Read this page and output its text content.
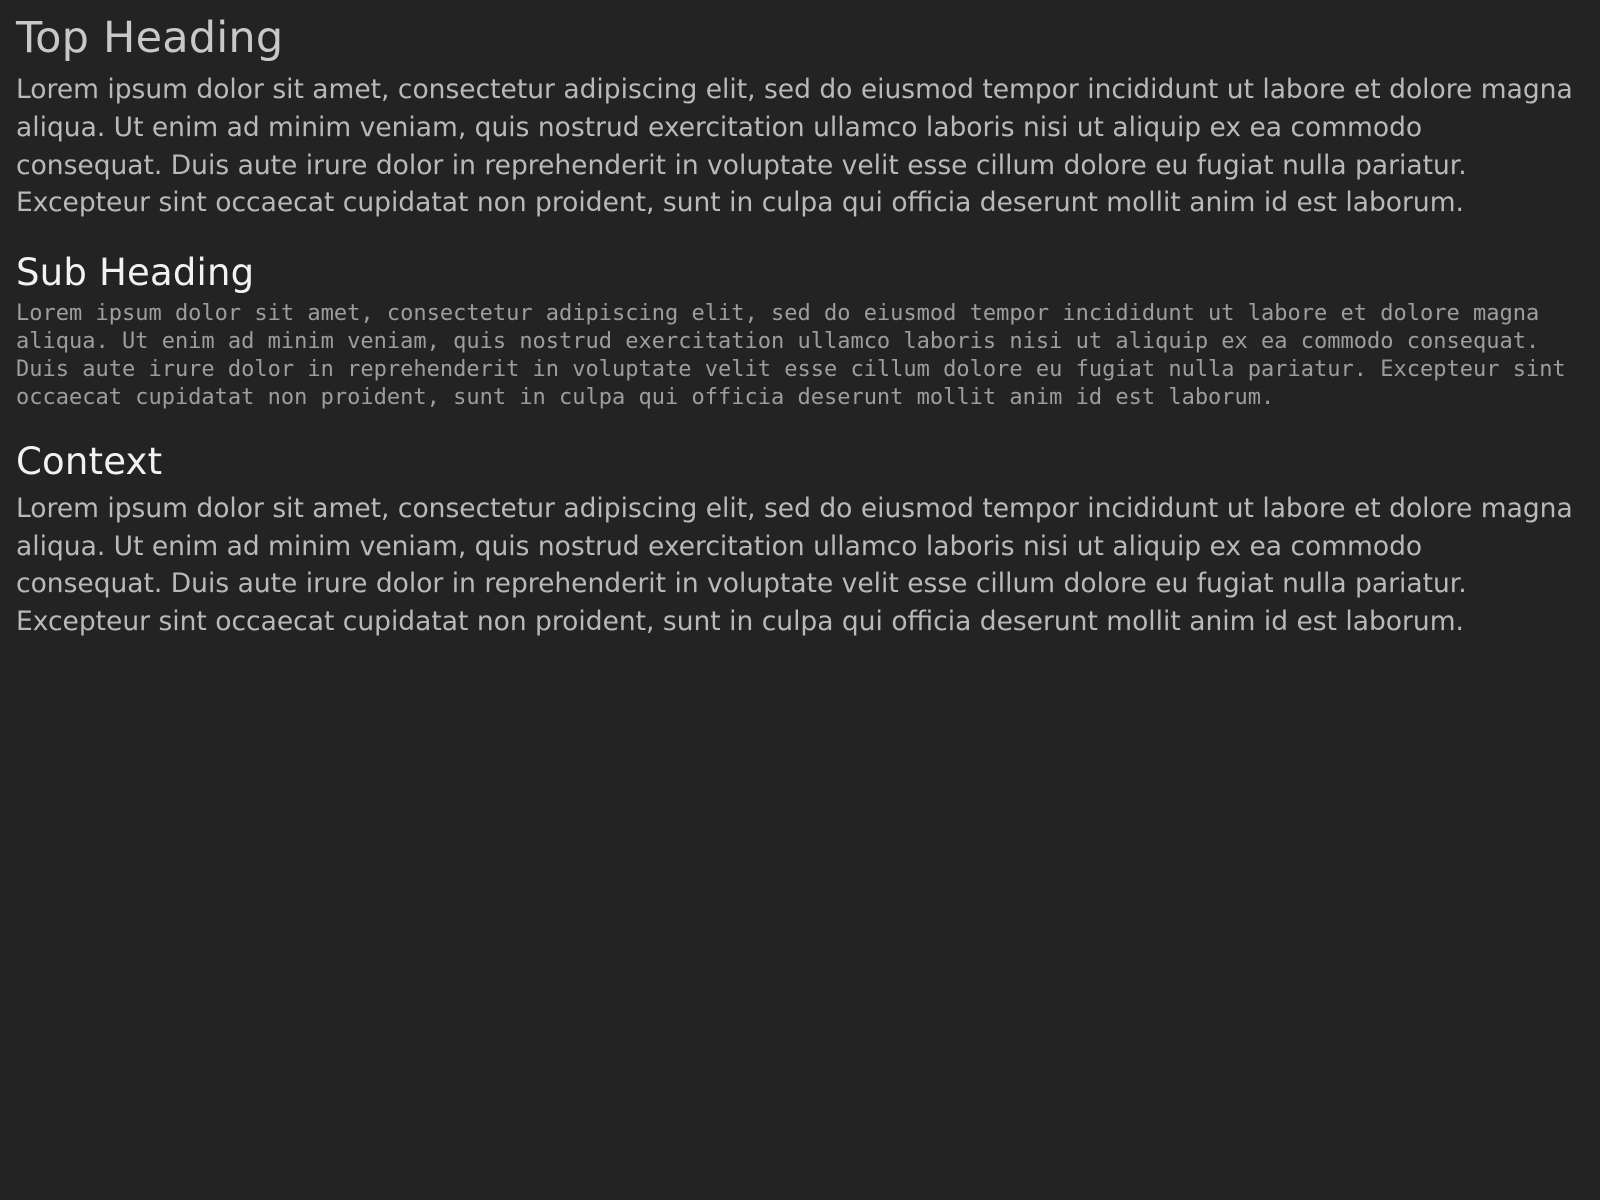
Top Heading

Lorem ipsum dolor sit amet, consectetur adipiscing elit, sed do eiusmod tempor incididunt ut labore et dolore magna aliqua. Ut enim ad minim veniam, quis nostrud exercitation ullamco laboris nisi ut aliquip ex ea commodo consequat. Duis aute irure dolor in reprehenderit in voluptate velit esse cillum dolore eu fugiat nulla pariatur. Excepteur sint occaecat cupidatat non proident, sunt in culpa qui officia deserunt mollit anim id est laborum.

Sub Heading

Lorem ipsum dolor sit amet, consectetur adipiscing elit, sed do eiusmod tempor incididunt ut labore et dolore magna aliqua. Ut enim ad minim veniam, quis nostrud exercitation ullamco laboris nisi ut aliquip ex ea commodo consequat. Duis aute irure dolor in reprehenderit in voluptate velit esse cillum dolore eu fugiat nulla pariatur. Excepteur sint occaecat cupidatat non proident, sunt in culpa qui officia deserunt mollit anim id est laborum.

Context

Lorem ipsum dolor sit amet, consectetur adipiscing elit, sed do eiusmod tempor incididunt ut labore et dolore magna aliqua. Ut enim ad minim veniam, quis nostrud exercitation ullamco laboris nisi ut aliquip ex ea commodo consequat. Duis aute irure dolor in reprehenderit in voluptate velit esse cillum dolore eu fugiat nulla pariatur. Excepteur sint occaecat cupidatat non proident, sunt in culpa qui officia deserunt mollit anim id est laborum.
